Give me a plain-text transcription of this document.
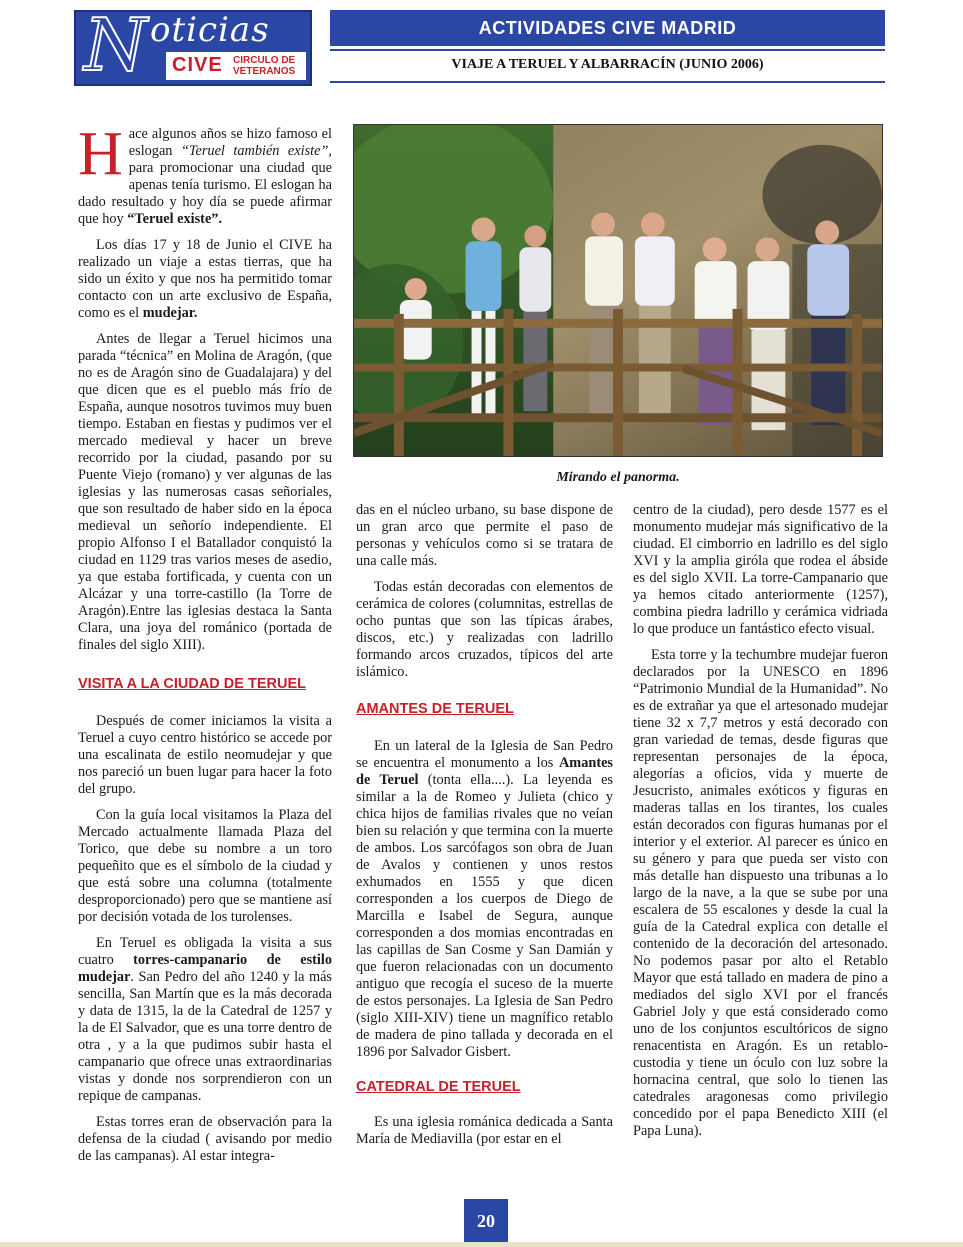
N oticias
CIVE CIRCULO DE
VETERANOS
ACTIVIDADES CIVE MADRID
VIAJE A TERUEL Y ALBARRACÍN (JUNIO 2006)
Mirando el panorma.

Hace algunos años se hizo famoso el eslogan “Teruel también existe”, para promocionar una ciudad que apenas tenía turismo. El eslogan ha dado resultado y hoy día se puede afirmar que hoy “Teruel existe”.

Los días 17 y 18 de Junio el CIVE ha realizado un viaje a estas tierras, que ha sido un éxito y que nos ha permitido tomar contacto con un arte exclusivo de España, como es el mudejar.

Antes de llegar a Teruel hicimos una parada “técnica” en Molina de Aragón, (que no es de Aragón sino de Guadalajara) y del que dicen que es el pueblo más frío de España, aunque nosotros tuvimos muy buen tiempo. Estaban en fiestas y pudimos ver el mercado medieval y hacer un breve recorrido por la ciudad, pasando por su Puente Viejo (romano) y ver algunas de las iglesias y las numerosas casas señoriales, que son resultado de haber sido en la época medieval un señorío independiente. El propio Alfonso I el Batallador conquistó la ciudad en 1129 tras varios meses de asedio, ya que estaba fortificada, y cuenta con un Alcázar y una torre-castillo (la Torre de Aragón).Entre las iglesias destaca la Santa Clara, una joya del románico (portada de finales del siglo XIII).

VISITA A LA CIUDAD DE TERUEL

Después de comer iniciamos la visita a Teruel a cuyo centro histórico se accede por una escalinata de estilo neomudejar y que nos pareció un buen lugar para hacer la foto del grupo.

Con la guía local visitamos la Plaza del Mercado actualmente llamada Plaza del Torico, que debe su nombre a un toro pequeñito que es el símbolo de la ciudad y que está sobre una columna (totalmente desproporcionado) pero que se mantiene así por decisión votada de los turolenses.

En Teruel es obligada la visita a sus cuatro torres-campanario de estilo mudejar. San Pedro del año 1240 y la más sencilla, San Martín que es la más decorada y data de 1315, la de la Catedral de 1257 y la de El Salvador, que es una torre dentro de otra , y a la que pudimos subir hasta el campanario que ofrece unas extraordinarias vistas y donde nos sorprendieron con un repique de campanas.

Estas torres eran de observación para la defensa de la ciudad ( avisando por medio de las campanas). Al estar integra-

das en el núcleo urbano, su base dispone de un gran arco que permite el paso de personas y vehículos como si se tratara de una calle más.

Todas están decoradas con elementos de cerámica de colores (columnitas, estrellas de ocho puntas que son las típicas árabes, discos, etc.) y realizadas con ladrillo formando arcos cruzados, típicos del arte islámico.

AMANTES DE TERUEL

En un lateral de la Iglesia de San Pedro se encuentra el monumento a los Amantes de Teruel (tonta ella....). La leyenda es similar a la de Romeo y Julieta (chico y chica hijos de familias rivales que no veían bien su relación y que termina con la muerte de ambos. Los sarcófagos son obra de Juan de Avalos y contienen y unos restos exhumados en 1555 y que dicen corresponden a los cuerpos de Diego de Marcilla e Isabel de Segura, aunque corresponden a dos momias encontradas en las capillas de San Cosme y San Damián y que fueron relacionadas con un documento antiguo que recogía el suceso de la muerte de estos personajes. La Iglesia de San Pedro (siglo XIII-XIV) tiene un magnífico retablo de madera de pino tallada y decorada en el 1896 por Salvador Gisbert.

CATEDRAL DE TERUEL

Es una iglesia románica dedicada a Santa María de Mediavilla (por estar en el

centro de la ciudad), pero desde 1577 es el monumento mudejar más significativo de la ciudad. El cimborrio en ladrillo es del siglo XVI y la amplia giróla que rodea el ábside es del siglo XVII. La torre-Campanario que ya hemos citado anteriormente (1257), combina piedra ladrillo y cerámica vidriada lo que produce un fantástico efecto visual.

Esta torre y la techumbre mudejar fueron declarados por la UNESCO en 1896 “Patrimonio Mundial de la Humanidad”. No es de extrañar ya que el artesonado mudejar tiene 32 x 7,7 metros y está decorado con gran variedad de temas, desde figuras que representan personajes de la época, alegorías a oficios, vida y muerte de Jesucristo, animales exóticos y figuras en maderas tallas en los tirantes, los cuales están decorados con figuras humanas por el interior y el exterior. Al parecer es único en su género y para que pueda ser visto con más detalle han dispuesto una tribunas a lo largo de la nave, a la que se sube por una escalera de 55 escalones y desde la cual la guía de la Catedral explica con detalle el contenido de la decoración del artesonado. No podemos pasar por alto el Retablo Mayor que está tallado en madera de pino a mediados del siglo XVI por el francés Gabriel Joly y que está considerado como uno de los conjuntos escultóricos de signo renacentista en Aragón. Es un retablo-custodia y tiene un óculo con luz sobre la hornacina central, que solo lo tienen las catedrales aragonesas como privilegio concedido por el papa Benedicto XIII (el Papa Luna).

20
